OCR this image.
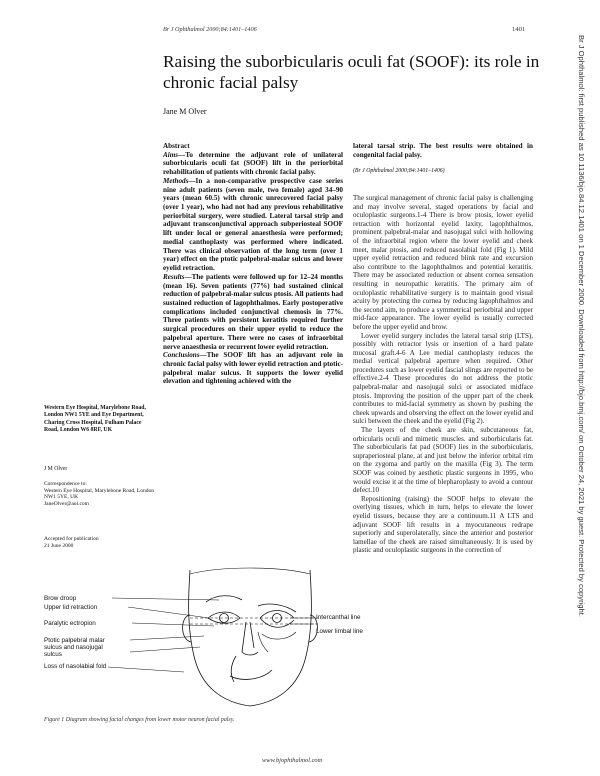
Br J Ophthalmol 2000;84:1401–1406	1401
Raising the suborbicularis oculi fat (SOOF): its role in chronic facial palsy
Jane M Olver
Abstract
Aims—To determine the adjuvant role of unilateral suborbicularis oculi fat (SOOF) lift in the periorbital rehabilitation of patients with chronic facial palsy.
Methods—In a non-comparative prospective case series nine adult patients (seven male, two female) aged 34–90 years (mean 60.5) with chronic unrecovered facial palsy (over 1 year), who had not had any previous rehabilitative periorbital surgery, were studied. Lateral tarsal strip and adjuvant transconjunctival approach subperiosteal SOOF lift under local or general anaesthesia were performed; medial canthoplasty was performed where indicated. There was clinical observation of the long term (over 1 year) effect on the ptotic palpebral-malar sulcus and lower eyelid retraction.
Results—The patients were followed up for 12–24 months (mean 16). Seven patients (77%) had sustained clinical reduction of palpebral-malar sulcus ptosis. All patients had sustained reduction of lagophthalmos. Early postoperative complications included conjunctival chemosis in 77%. Three patients with persistent keratitis required further surgical procedures on their upper eyelid to reduce the palpebral aperture. There were no cases of infraorbital nerve anaesthesia or recurrent lower eyelid retraction.
Conclusions—The SOOF lift has an adjuvant role in chronic facial palsy with lower eyelid retraction and ptotic-palpebral malar sulcus. It supports the lower eyelid elevation and tightening achieved with the
lateral tarsal strip. The best results were obtained in congenital facial palsy.
(Br J Ophthalmol 2000;84:1401–1406)

The surgical management of chronic facial palsy is challenging and may involve several, staged operations by facial and oculoplastic surgeons.1-4 There is brow ptosis, lower eyelid retraction with horizontal eyelid laxity, lagophthalmos, prominent palpebral-malar and nasojugal sulci with hollowing of the infraorbital region where the lower eyelid and cheek meet, malar ptosis, and reduced nasolabial fold (Fig 1). Mild upper eyelid retraction and reduced blink rate and excursion also contribute to the lagophthalmos and potential keratitis. There may be associated reduction or absent cornea sensation resulting in neuropathic keratitis. The primary aim of oculoplastic rehabilitative surgery is to maintain good visual acuity by protecting the cornea by reducing lagophthalmos and the second aim, to produce a symmetrical periorbital and upper mid-face appearance. The lower eyelid is usually corrected before the upper eyelid and brow.

Lower eyelid surgery includes the lateral tarsal strip (LTS), possibly with retractor lysis or insertion of a hard palate mucosal graft.4-6 A Lee medial canthoplasty reduces the medial vertical palpebral aperture when required. Other procedures such as lower eyelid fascial slings are reported to be effective.2-4 These procedures do not address the ptotic palpebral-malar and nasojugal sulci or associated midface ptosis. Improving the position of the upper part of the cheek contributes to mid-facial symmetry as shown by pushing the cheek upwards and observing the effect on the lower eyelid and sulci between the cheek and the eyelid (Fig 2).

The layers of the cheek are skin, subcutaneous fat, orbicularis oculi and mimetic muscles. and suborbicularis fat. The suborbicularis fat pad (SOOF) lies in the suborbicularis, supraperiosteal plane, at and just below the inferior orbital rim on the zygoma and partly on the maxilla (Fig 3). The term SOOF was coined by aesthetic plastic surgeons in 1995, who would excise it at the time of blepharoplasty to avoid a contour defect.10

Repositioning (raising) the SOOF helps to elevate the overlying tissues, which in turn, helps to elevate the lower eyelid tissues, because they are a continuum.11 A LTS and adjuvant SOOF lift results in a myocutaneous redrape superiorly and superolaterally, since the anterior and posterior lamellae of the cheek are raised simultaneously. It is used by plastic and oculoplastic surgeons in the correction of

Western Eye Hospital, Marylebone Road, London NW1 5YE and Eye Department, Charing Cross Hospital, Fulham Palace Road, London W6 8RF, UK
J M Olver
Correspondence to:
Western Eye Hospital, Marylebone Road, London NW1 5YE, UK
JaneOlver@aol.com
Accepted for publication
21 June 2000
Brow droop
Upper lid retraction
Paralytic ectropion
Ptotic palpebral malar sulcus and nasojugal sulcus
Loss of nasolabial fold
Intercanthal line
Lower limbal line
Figure 1 Diagram showing facial changes from lower motor neuron facial palsy.
Br J Ophthalmol: first published as 10.1136/bjo.84.12.1401 on 1 December 2000. Downloaded from http://bjo.bmj.com/ on October 24, 2021 by guest. Protected by copyright.
www.bjophthalmol.com
